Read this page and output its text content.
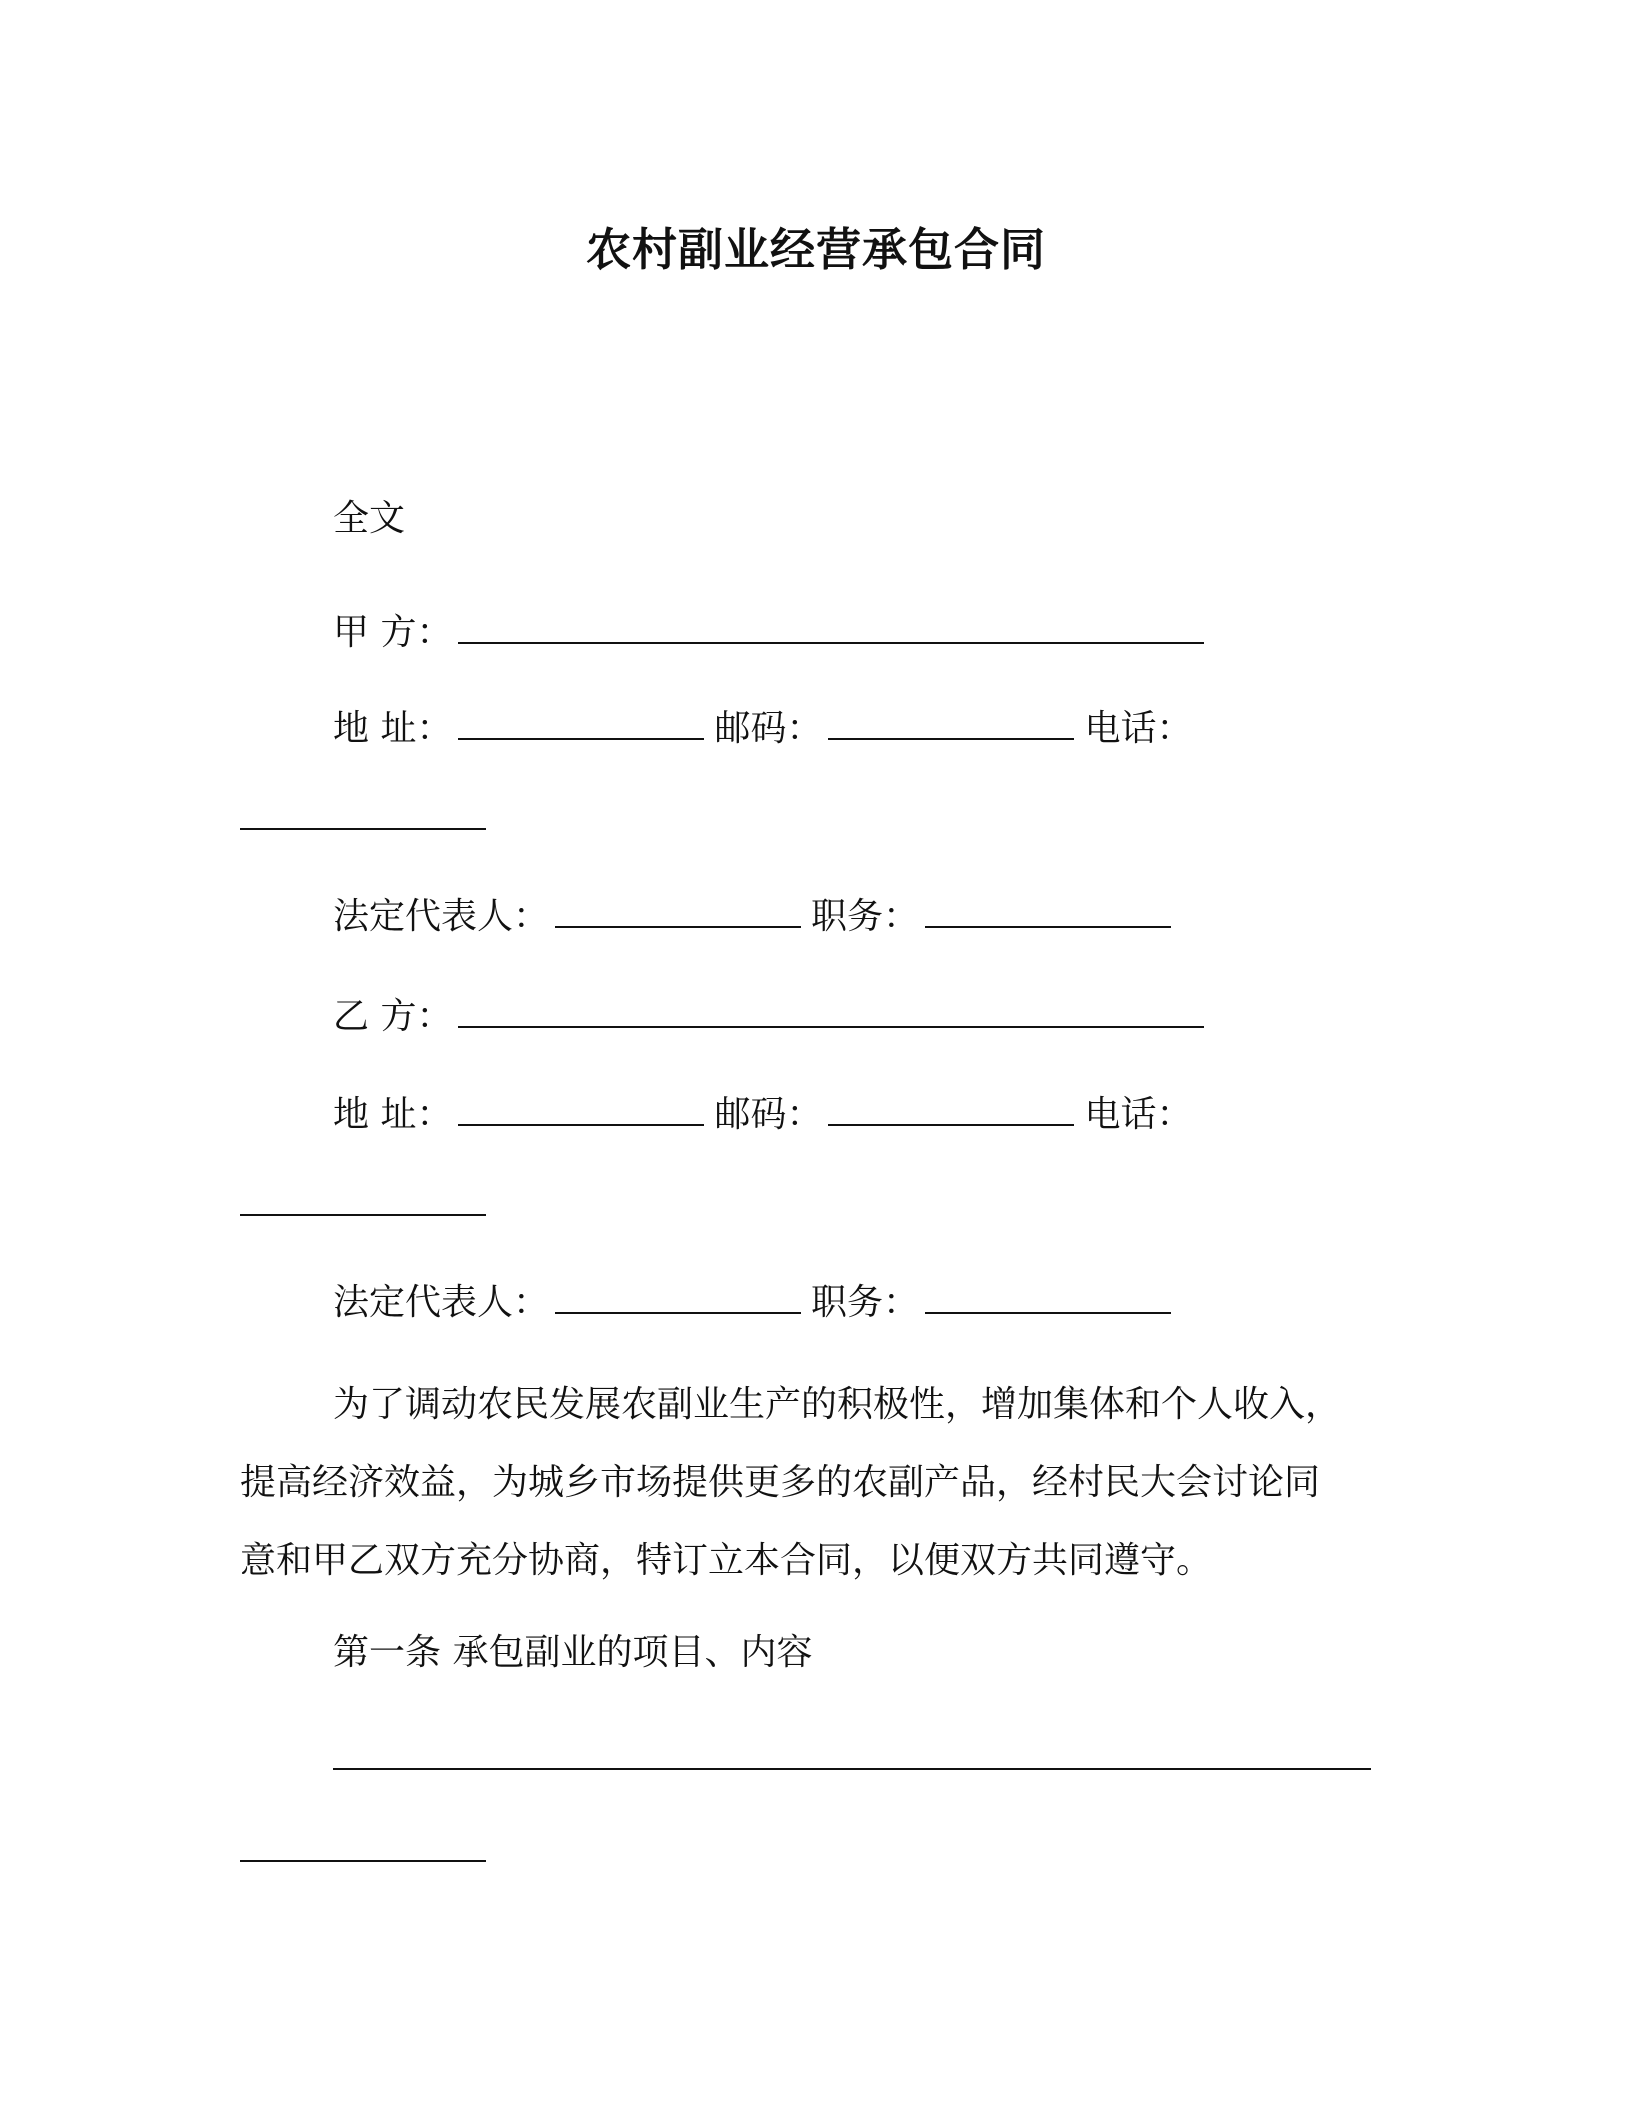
农村副业经营承包合同
全文
甲 方：
地 址：	邮码：	电话：
法定代表人：	职务：
乙 方：
地 址：	邮码：	电话：
法定代表人：	职务：
为了调动农民发展农副业生产的积极性，增加集体和个人收入，
提高经济效益，为城乡市场提供更多的农副产品，经村民大会讨论同
意和甲乙双方充分协商，特订立本合同，以便双方共同遵守。
第一条 承包副业的项目、内容
